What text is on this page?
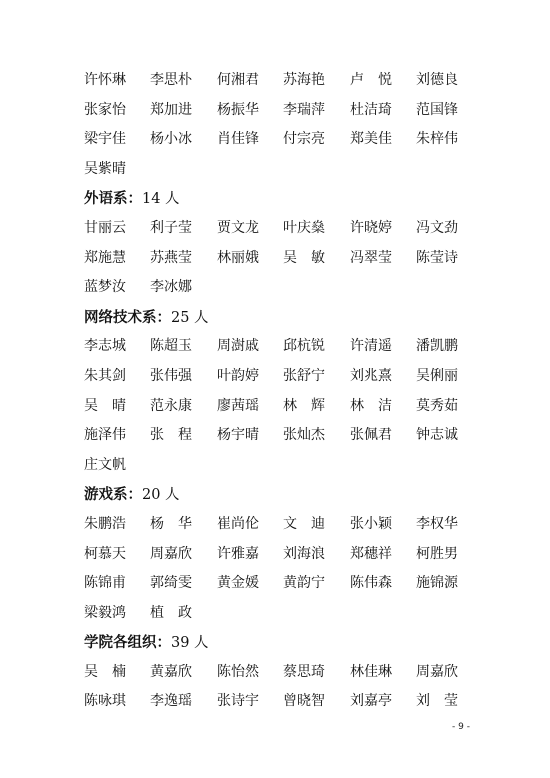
许怀琳	李思朴	何湘君	苏海艳	卢　悦	刘德良
张家怡	郑加进	杨振华	李瑞萍	杜洁琦	范国锋
梁宇佳	杨小冰	肖佳锋	付宗亮	郑美佳	朱梓伟
吴紫晴
外语系：14 人
甘丽云	利子莹	贾文龙	叶庆燊	许晓婷	冯文劲
郑施慧	苏燕莹	林丽娥	吴　敏	冯翠莹	陈莹诗
蓝梦汝	李冰娜
网络技术系：25 人
李志城	陈超玉	周澍戚	邱杭锐	许清遥	潘凯鹏
朱其剑	张伟强	叶韵婷	张舒宁	刘兆熹	吴俐丽
吴　晴	范永康	廖茜瑶	林　辉	林　洁	莫秀茹
施泽伟	张　程	杨宇晴	张灿杰	张佩君	钟志诚
庄文帆
游戏系：20 人
朱鹏浩	杨　华	崔尚伦	文　迪	张小颖	李权华
柯慕天	周嘉欣	许雅嘉	刘海浪	郑穗祥	柯胜男
陈锦甫	郭绮雯	黄金媛	黄韵宁	陈伟森	施锦源
梁毅鸿	植　政
学院各组织：39 人
吴　楠	黄嘉欣	陈怡然	蔡思琦	林佳琳	周嘉欣
陈咏琪	李逸瑶	张诗宇	曾晓智	刘嘉亭	刘　莹
- 9 -
